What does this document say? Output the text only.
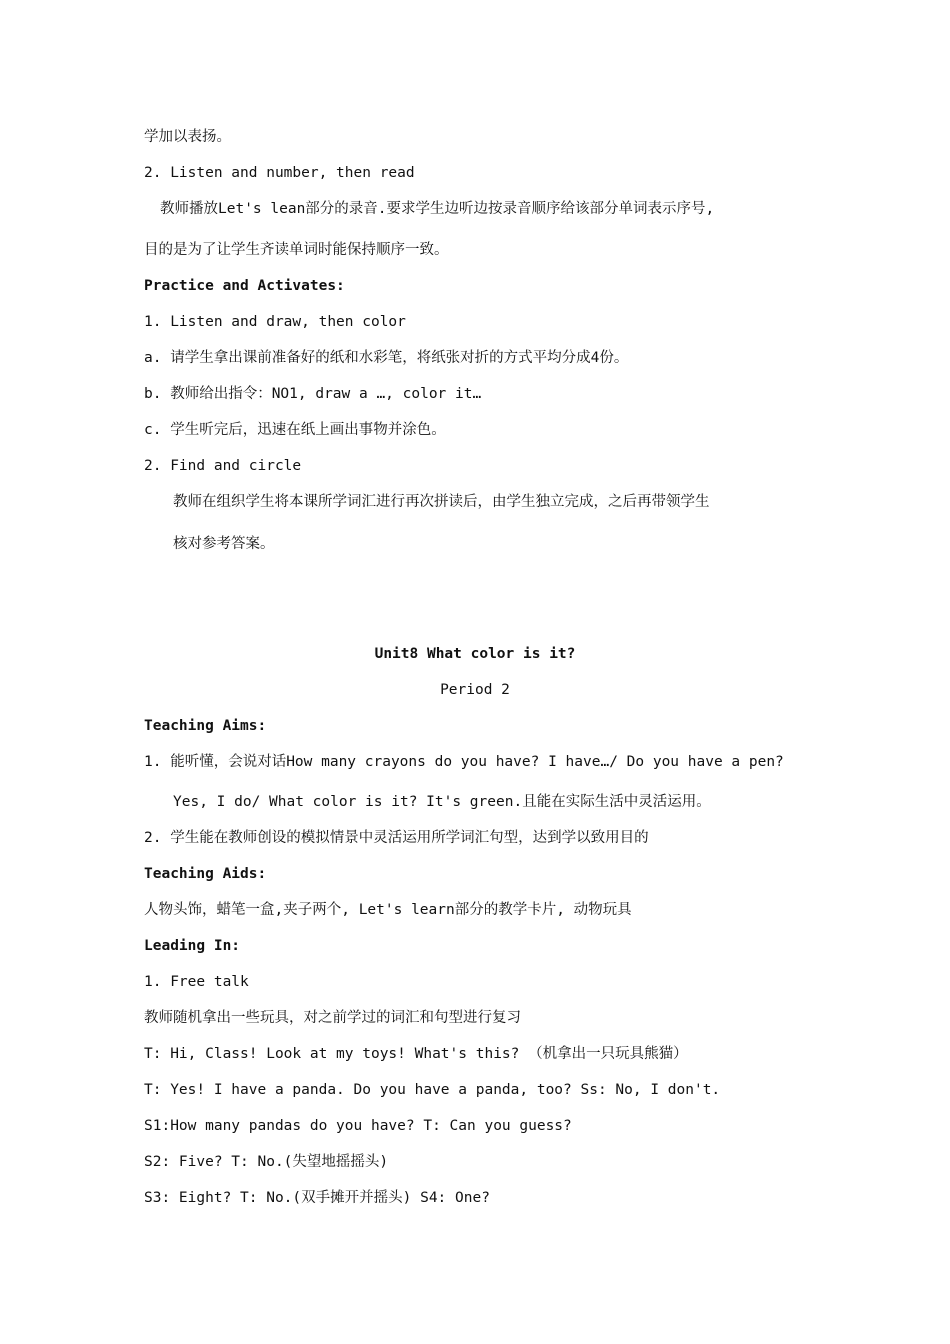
学加以表扬。
2. Listen and number, then read
教师播放Let's lean部分的录音.要求学生边听边按录音顺序给该部分单词表示序号,
目的是为了让学生齐读单词时能保持顺序一致。
Practice and Activates:
1. Listen and draw, then color
a. 请学生拿出课前准备好的纸和水彩笔，将纸张对折的方式平均分成4份。
b. 教师给出指令：NO1, draw a …, color it…
c. 学生听完后，迅速在纸上画出事物并涂色。
2. Find and circle
教师在组织学生将本课所学词汇进行再次拼读后，由学生独立完成，之后再带领学生
核对参考答案。
Unit8 What color is it?
Period 2
Teaching Aims:
1. 能听懂，会说对话How many crayons do you have? I have…/ Do you have a pen?
Yes, I do/ What color is it? It's green.且能在实际生活中灵活运用。
2. 学生能在教师创设的模拟情景中灵活运用所学词汇句型，达到学以致用目的
Teaching Aids:
人物头饰，蜡笔一盒,夹子两个, Let's learn部分的教学卡片, 动物玩具
Leading In:
1. Free talk
教师随机拿出一些玩具，对之前学过的词汇和句型进行复习
T: Hi, Class! Look at my toys! What's this? （机拿出一只玩具熊猫）
T: Yes! I have a panda. Do you have a panda, too? Ss: No, I don't.
S1:How many pandas do you have? T: Can you guess?
S2: Five? T: No.(失望地摇摇头)
S3: Eight? T: No.(双手摊开并摇头) S4: One?
